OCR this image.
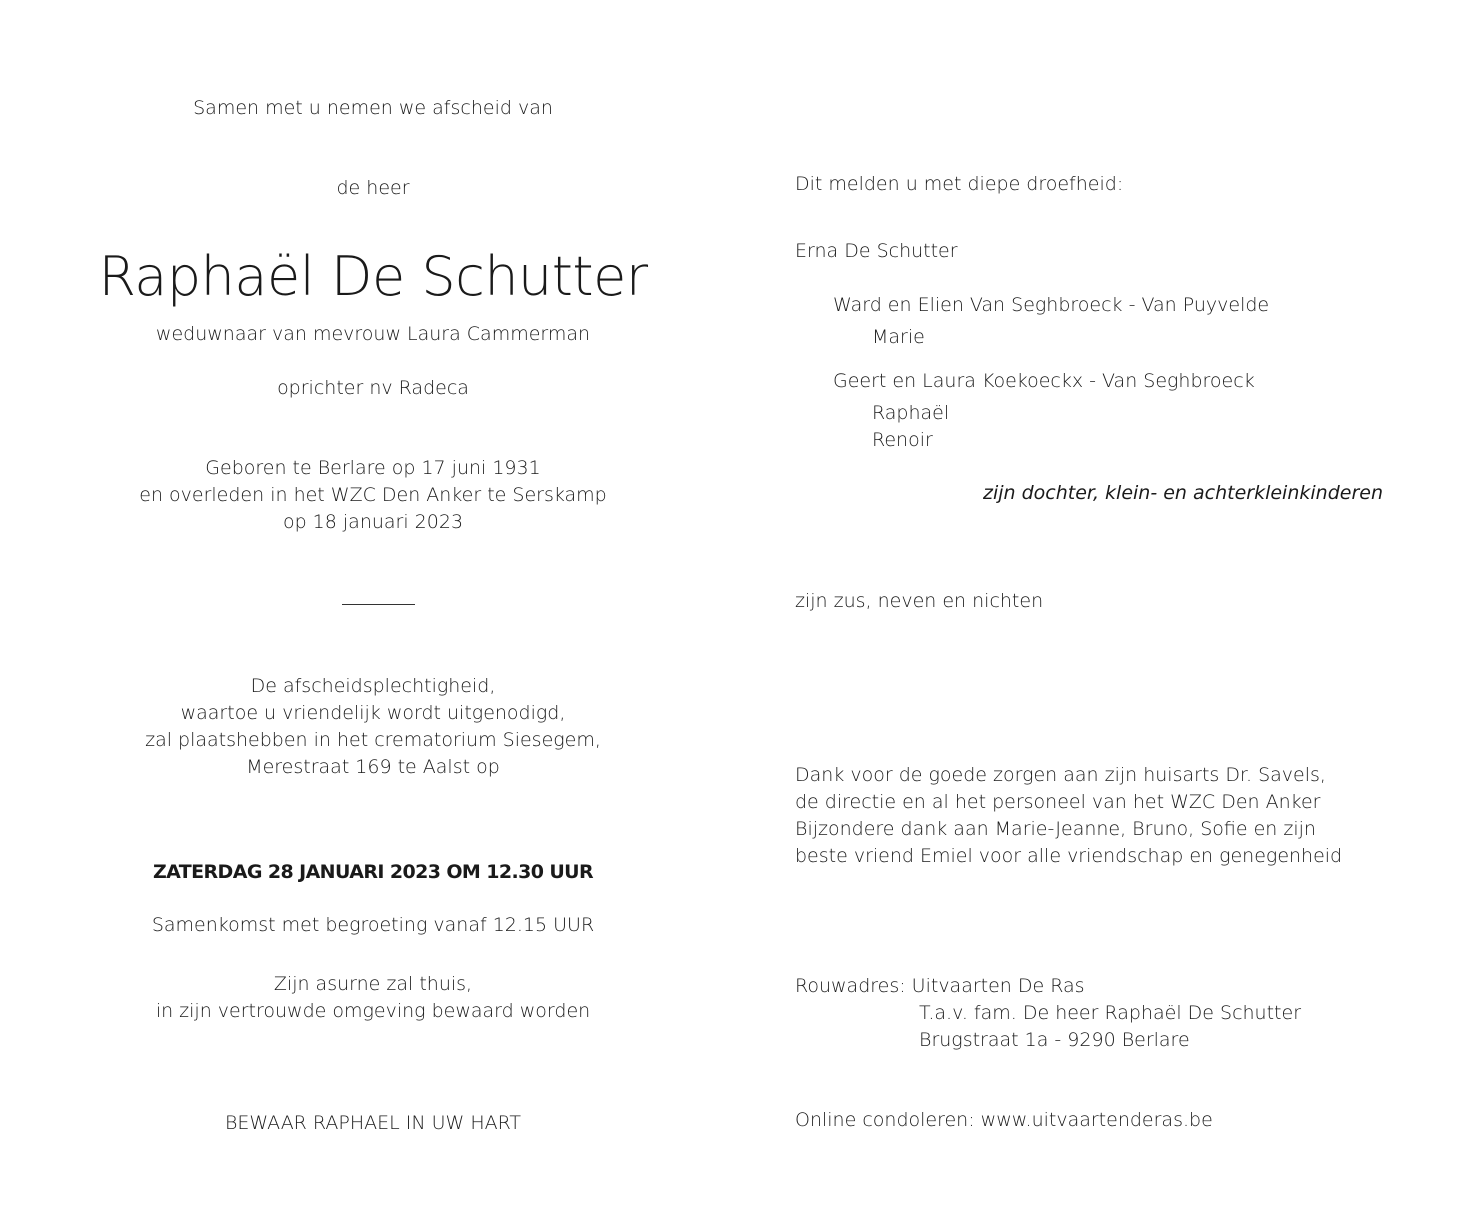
Samen met u nemen we afscheid van
de heer
Raphaël De Schutter
weduwnaar van mevrouw Laura Cammerman
oprichter nv Radeca
Geboren te Berlare op 17 juni 1931
en overleden in het WZC Den Anker te Serskamp
op 18 januari 2023
De afscheidsplechtigheid,
waartoe u vriendelijk wordt uitgenodigd,
zal plaatshebben in het crematorium Siesegem,
Merestraat 169 te Aalst op
ZATERDAG 28 JANUARI 2023 OM 12.30 UUR
Samenkomst met begroeting vanaf 12.15 UUR
Zijn asurne zal thuis,
in zijn vertrouwde omgeving bewaard worden
BEWAAR RAPHAEL IN UW HART
Dit melden u met diepe droefheid:
Erna De Schutter
Ward en Elien Van Seghbroeck - Van Puyvelde
Marie
Geert en Laura Koekoeckx - Van Seghbroeck
Raphaël
Renoir
zijn dochter, klein- en achterkleinkinderen
zijn zus, neven en nichten
Dank voor de goede zorgen aan zijn huisarts Dr. Savels,
de directie en al het personeel van het WZC Den Anker
Bijzondere dank aan Marie-Jeanne, Bruno, Sofie en zijn
beste vriend Emiel voor alle vriendschap en genegenheid
Rouwadres: Uitvaarten De Ras
T.a.v. fam. De heer Raphaël De Schutter
Brugstraat 1a - 9290 Berlare
Online condoleren: www.uitvaartenderas.be
